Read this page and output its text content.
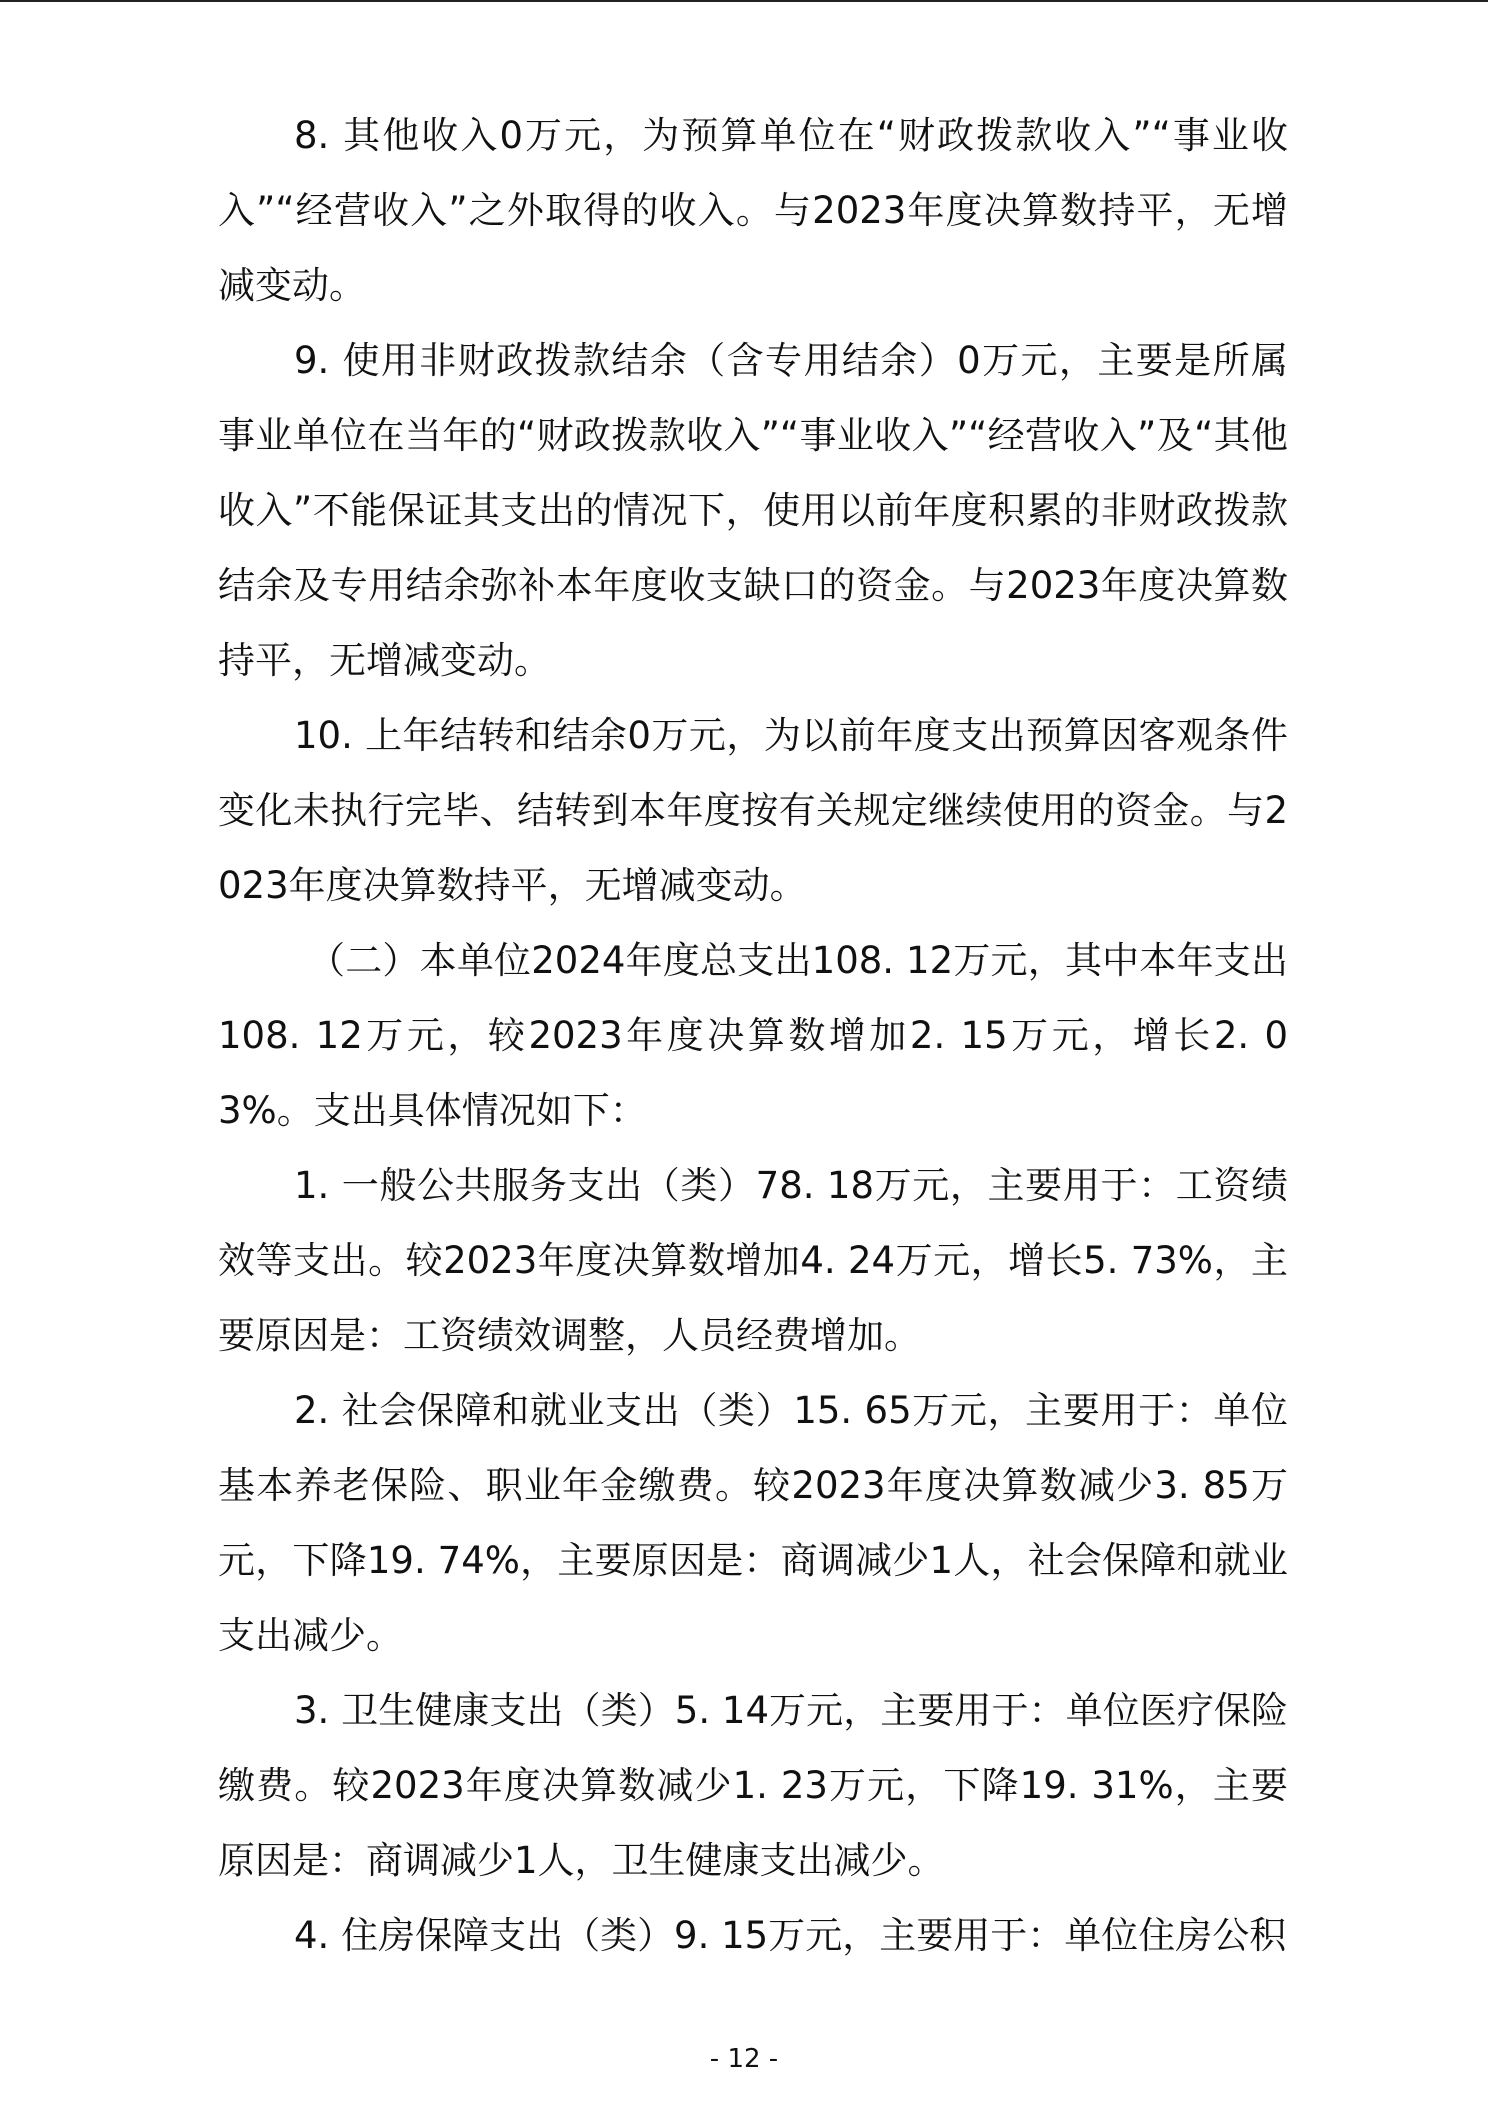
8. 其他收入0万元，为预算单位在“财政拨款收入”“事业收入”“经营收入”之外取得的收入。与2023年度决算数持平，无增减变动。

9. 使用非财政拨款结余（含专用结余）0万元，主要是所属事业单位在当年的“财政拨款收入”“事业收入”“经营收入”及“其他收入”不能保证其支出的情况下，使用以前年度积累的非财政拨款结余及专用结余弥补本年度收支缺口的资金。与2023年度决算数持平，无增减变动。

10. 上年结转和结余0万元，为以前年度支出预算因客观条件变化未执行完毕、结转到本年度按有关规定继续使用的资金。与2023年度决算数持平，无增减变动。

（二）本单位2024年度总支出108. 12万元，其中本年支出108. 12万元，较2023年度决算数增加2. 15万元，增长2. 03%。支出具体情况如下：

1. 一般公共服务支出（类）78. 18万元，主要用于：工资绩效等支出。较2023年度决算数增加4. 24万元，增长5. 73%，主要原因是：工资绩效调整，人员经费增加。

2. 社会保障和就业支出（类）15. 65万元，主要用于：单位基本养老保险、职业年金缴费。较2023年度决算数减少3. 85万元，下降19. 74%，主要原因是：商调减少1人，社会保障和就业支出减少。

3. 卫生健康支出（类）5. 14万元，主要用于：单位医疗保险缴费。较2023年度决算数减少1. 23万元，下降19. 31%，主要原因是：商调减少1人，卫生健康支出减少。

4. 住房保障支出（类）9. 15万元，主要用于：单位住房公积

- 12 -
